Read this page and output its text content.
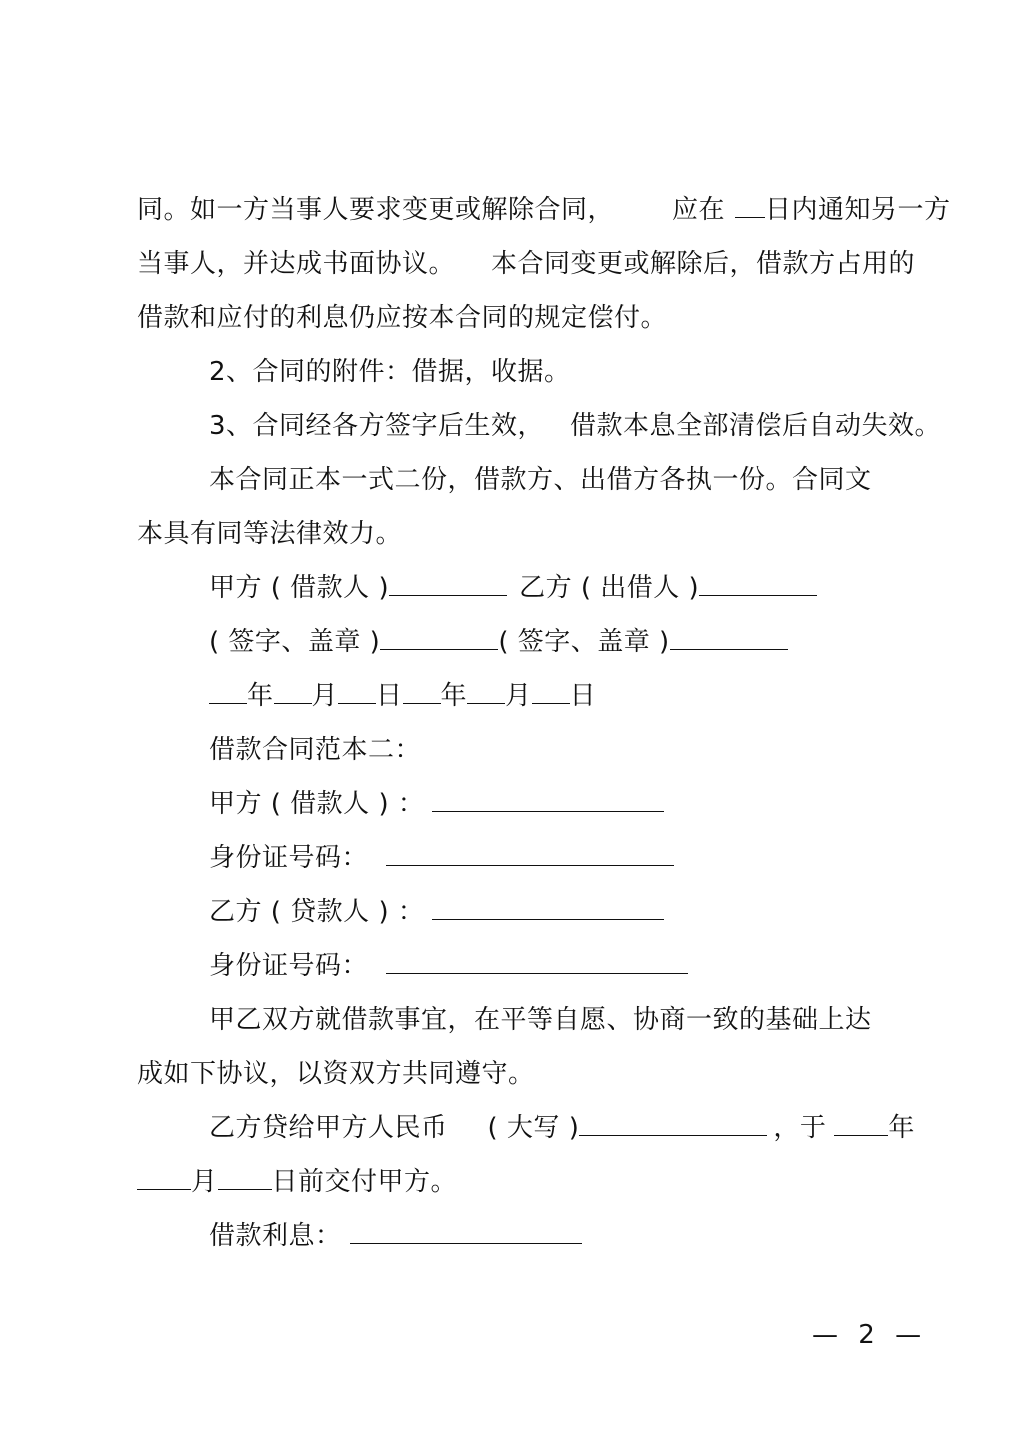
同。如一方当事人要求变更或解除合同， 应在 日内通知另一方
当事人，并达成书面协议。 本合同变更或解除后，借款方占用的
借款和应付的利息仍应按本合同的规定偿付。
2、合同的附件：借据，收据。
3、合同经各方签字后生效， 借款本息全部清偿后自动失效。
本合同正本一式二份，借款方、出借方各执一份。合同文
本具有同等法律效力。
甲方 ( 借款人 )	乙方 ( 出借人 )
( 签字、盖章 )	( 签字、盖章 )
年 月 日 年 月 日
借款合同范本二：
甲方 ( 借款人 ) ：
身份证号码：
乙方 ( 贷款人 ) ：
身份证号码：
甲乙双方就借款事宜，在平等自愿、协商一致的基础上达
成如下协议，以资双方共同遵守。
乙方贷给甲方人民币 ( 大写 )	，于 年
月 日前交付甲方。
借款利息：
— 2 —
